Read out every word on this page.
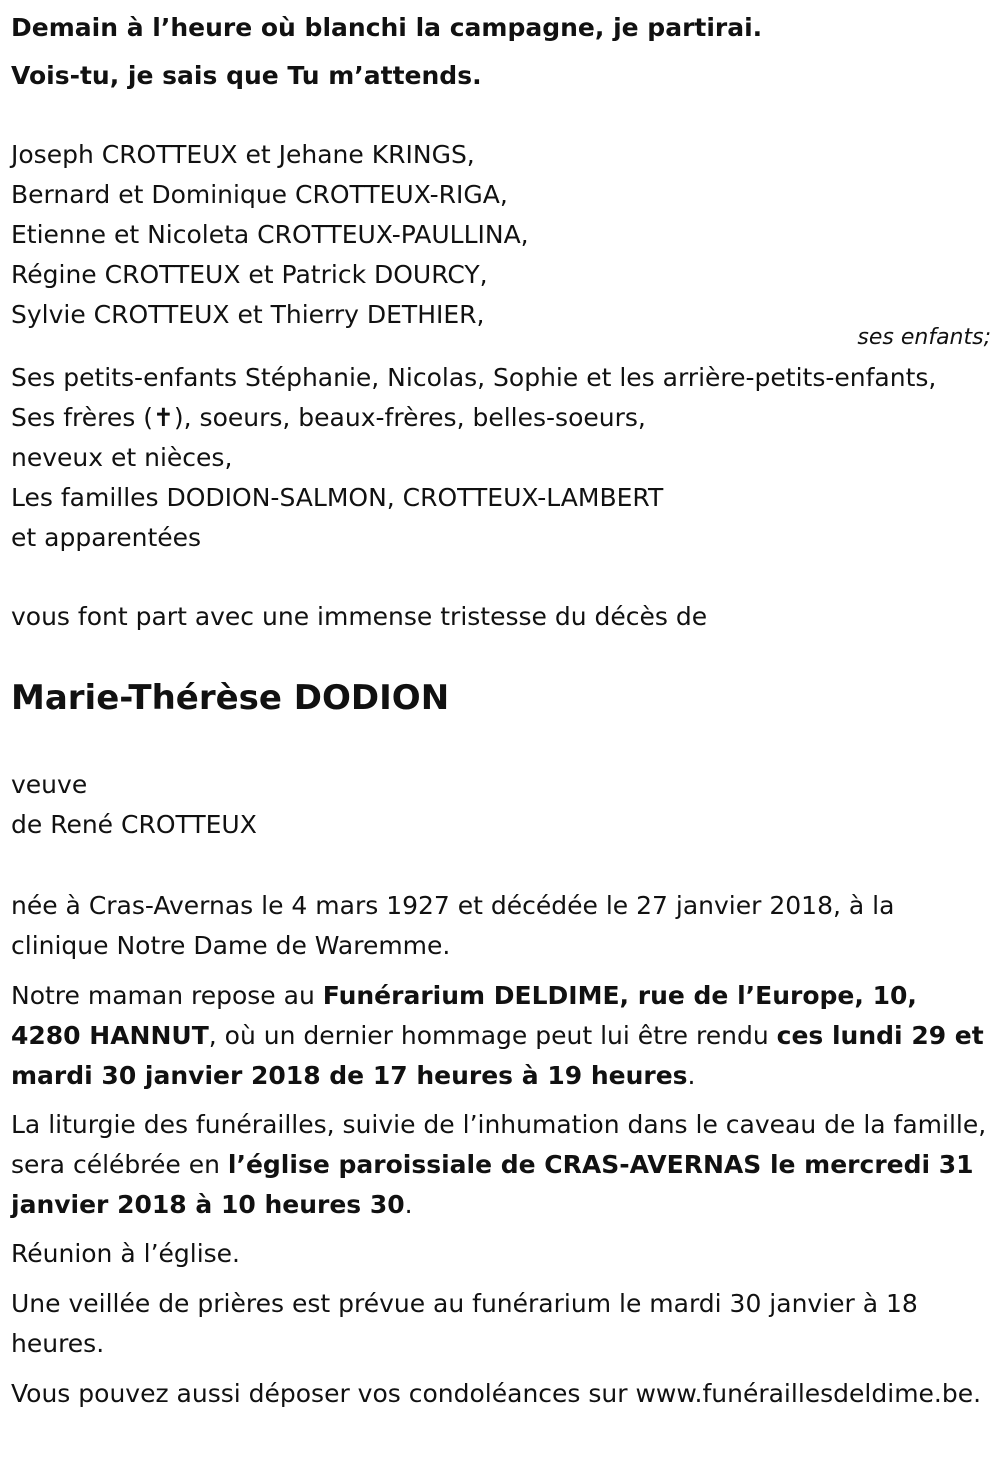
Demain à l’heure où blanchi la campagne, je partirai.

Vois-tu, je sais que Tu m’attends.

Joseph CROTTEUX et Jehane KRINGS,

Bernard et Dominique CROTTEUX-RIGA,

Etienne et Nicoleta CROTTEUX-PAULLINA,

Régine CROTTEUX et Patrick DOURCY,

Sylvie CROTTEUX et Thierry DETHIER,

ses enfants;

Ses petits-enfants Stéphanie, Nicolas, Sophie et les arrière-petits-enfants,

Ses frères (✝), soeurs, beaux-frères, belles-soeurs,

neveux et nièces,

Les familles DODION-SALMON, CROTTEUX-LAMBERT

et apparentées

vous font part avec une immense tristesse du décès de

Marie-Thérèse DODION

veuve

de René CROTTEUX

née à Cras-Avernas le 4 mars 1927 et décédée le 27 janvier 2018, à la clinique Notre Dame de Waremme.

Notre maman repose au Funérarium DELDIME, rue de l’Europe, 10, 4280 HANNUT, où un dernier hommage peut lui être rendu ces lundi 29 et mardi 30 janvier 2018 de 17 heures à 19 heures.

La liturgie des funérailles, suivie de l’inhumation dans le caveau de la famille, sera célébrée en l’église paroissiale de CRAS-AVERNAS le mercredi 31 janvier 2018 à 10 heures 30.

Réunion à l’église.

Une veillée de prières est prévue au funérarium le mardi 30 janvier à 18 heures.

Vous pouvez aussi déposer vos condoléances sur www.funérailles​deldime.be.
